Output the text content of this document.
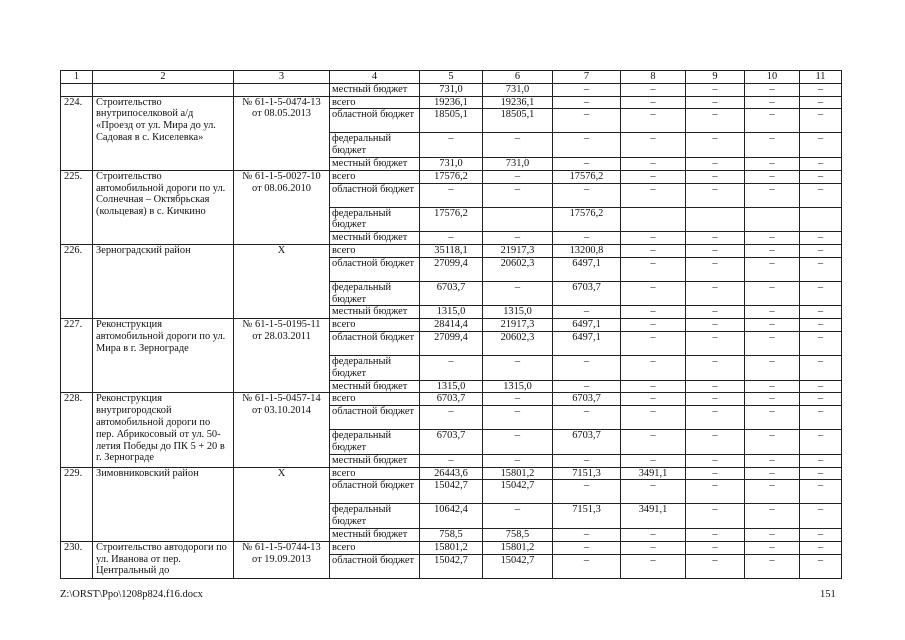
1	2	3	4	5	6	7	8	9	10	11
			местный бюджет	731,0	731,0	–	–	–	–	–
224.	Строительство внутрипоселковой а/д «Проезд от ул. Мира до ул. Садовая в с. Киселевка»	№ 61-1-5-0474-13 от 08.05.2013	всего	19236,1	19236,1	–	–	–	–	–
			областной бюджет	18505,1	18505,1	–	–	–	–	–
			федеральный бюджет	–	–	–	–	–	–	–
			местный бюджет	731,0	731,0	–	–	–	–	–
225.	Строительство автомобильной дороги по ул. Солнечная – Октябрьская (кольцевая) в с. Кичкино	№ 61-1-5-0027-10 от 08.06.2010	всего	17576,2	–	17576,2	–	–	–	–
			областной бюджет	–	–	–	–	–	–	–
			федеральный бюджет	17576,2		17576,2				
			местный бюджет	–	–	–	–	–	–	–
226.	Зерноградский район	Х	всего	35118,1	21917,3	13200,8	–	–	–	–
			областной бюджет	27099,4	20602,3	6497,1	–	–	–	–
			федеральный бюджет	6703,7	–	6703,7	–	–	–	–
			местный бюджет	1315,0	1315,0	–	–	–	–	–
227.	Реконструкция автомобильной дороги по ул. Мира в г. Зернограде	№ 61-1-5-0195-11 от 28.03.2011	всего	28414,4	21917,3	6497,1	–	–	–	–
			областной бюджет	27099,4	20602,3	6497,1	–	–	–	–
			федеральный бюджет	–	–	–	–	–	–	–
			местный бюджет	1315,0	1315,0	–	–	–	–	–
228.	Реконструкция внутригородской автомобильной дороги по пер. Абрикосовый от ул. 50-летия Победы до ПК 5 + 20 в г. Зернограде	№ 61-1-5-0457-14 от 03.10.2014	всего	6703,7	–	6703,7	–	–	–	–
			областной бюджет	–	–	–	–	–	–	–
			федеральный бюджет	6703,7	–	6703,7	–	–	–	–
			местный бюджет	–	–	–	–	–	–	–
229.	Зимовниковский район	Х	всего	26443,6	15801,2	7151,3	3491,1	–	–	–
			областной бюджет	15042,7	15042,7	–	–	–	–	–
			федеральный бюджет	10642,4	–	7151,3	3491,1	–	–	–
			местный бюджет	758,5	758,5	–	–	–	–	–
230.	Строительство автодороги по ул. Иванова от пер. Центральный до	№ 61-1-5-0744-13 от 19.09.2013	всего	15801,2	15801,2	–	–	–	–	–
			областной бюджет	15042,7	15042,7	–	–	–	–	–
Z:\ORST\Ppo\1208p824.f16.docx	151
